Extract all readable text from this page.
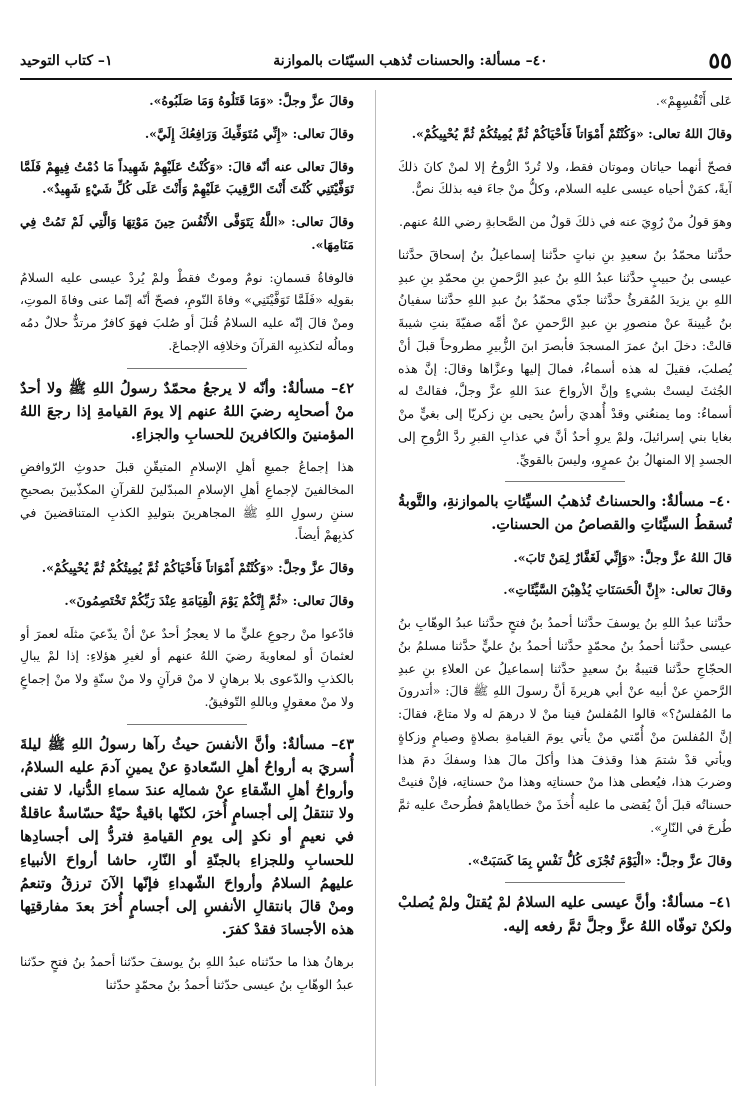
٥٥
٤٠– مسألة: والحسنات تُذهب السيّئات بالموازنة
١– كتاب التوحيد

عَلى أَنْفُسِهِمْ».

وقالَ اللهُ تعالى: «وَكُنْتُمْ أَمْوَاتاً فَأَحْيَاكُمْ ثُمَّ يُمِيتُكُمْ ثُمَّ يُحْيِيكُمْ».

فصحّ أنهما حياتان وموتان فقط، ولا تُردّ الرُّوحُ إلا لمنْ كانَ ذلكَ آيةً، كمَنْ أحياه عيسى عليه السلام، وكلُّ منْ جاءَ فيه بذلكَ نصٌّ.

وهوَ قولُ منْ رُوِيَ عنه في ذلكَ قولٌ من الصَّحابةِ رضي اللهُ عنهم.

حدَّثنا محمّدُ بنُ سعيدِ بنِ نباتٍ حدَّثنا إسماعيلُ بنُ إسحاقَ حدَّثنا عيسى بنُ حبيبٍ حدَّثنا عبدُ اللهِ بنُ عبدِ الرَّحمنِ بنِ محمّدِ بنِ عبدِ اللهِ بنِ يزيدَ المُقرئُ حدَّثنا جدّي محمّدُ بنُ عبدِ اللهِ حدَّثنا سفيانُ بنُ عُيينةَ عنْ منصورِ بنِ عبدِ الرَّحمنِ عنْ أمِّه صفيّةَ بنتِ شيبةَ قالتْ: دخلَ ابنُ عمرَ المسجدَ فأبصرَ ابنَ الزُّبيرِ مطروحاً قبلَ أنْ يُصلبَ، فقيلَ له هذه أسماءُ، فمالَ إليها وعزَّاها وقالَ: إنَّ هذه الجُثثَ ليستْ بشيءٍ وإنَّ الأرواحَ عندَ اللهِ عزَّ وجلَّ، فقالتْ له أسماءُ: وما يمنعُني وقدْ أُهديَ رأسُ يحيى بنِ زكريّا إلى بغيٍّ منْ بغايا بني إسرائيلَ، ولمْ يروِ أحدٌ أنَّ في عذابِ القبرِ ردَّ الرُّوحِ إلى الجسدِ إلا المنهالُ بنُ عمرٍو، وليسَ بالقويِّ.

٤٠– مسألةٌ: والحسناتُ تُذهبُ السيِّئاتِ بالموازنةِ، والتَّوبةُ تُسقطُ السيِّئاتِ والقصاصُ من الحسناتِ.

قالَ اللهُ عزَّ وجلَّ: «وَإِنِّي لَغَفَّارٌ لِمَنْ تَابَ».

وقالَ تعالى: «إِنَّ الْحَسَنَاتِ يُذْهِبْنَ السَّيِّئَاتِ».

حدَّثنا عبدُ اللهِ بنُ يوسفَ حدَّثنا أحمدُ بنُ فتحٍ حدَّثنا عبدُ الوهّابِ بنُ عيسى حدَّثنا أحمدُ بنُ محمّدٍ حدَّثنا أحمدُ بنُ عليٍّ حدَّثنا مسلمُ بنُ الحجّاجِ حدَّثنا قتيبةُ بنُ سعيدٍ حدَّثنا إسماعيلُ عن العلاءِ بنِ عبدِ الرَّحمنِ عنْ أبيه عنْ أبي هريرةَ أنَّ رسولَ اللهِ ﷺ قالَ: «أتدرونَ ما المُفلسُ؟» قالوا المُفلسُ فينا منْ لا درهمَ له ولا متاعَ، فقالَ: إنَّ المُفلسَ منْ أُمّتي منْ يأتي يومَ القيامةِ بصلاةٍ وصيامٍ وزكاةٍ ويأتي قدْ شتمَ هذا وقذفَ هذا وأكلَ مالَ هذا وسفكَ دمَ هذا وضربَ هذا، فيُعطى هذا منْ حسناتِه وهذا منْ حسناتِه، فإنْ فنيتْ حسناتُه قبلَ أنْ يُقضى ما عليه أُخذَ منْ خطاياهمْ فطُرحتْ عليه ثمَّ طُرحَ في النّارِ».

وقالَ عزَّ وجلَّ: «الْيَوْمَ تُجْزَى كُلُّ نَفْسٍ بِمَا كَسَبَتْ».

٤١– مسألةٌ: وأنَّ عيسى عليه السلامُ لمْ يُقتلْ ولمْ يُصلبْ ولكنْ توفّاه اللهُ عزَّ وجلَّ ثمَّ رفعه إليه.

وقالَ عزَّ وجلَّ: «وَمَا قَتَلُوهُ وَمَا صَلَبُوهُ».

وقالَ تعالى: «إِنِّي مُتَوَفِّيكَ وَرَافِعُكَ إِلَيَّ».

وقالَ تعالى عنه أنّه قالَ: «وَكُنْتُ عَلَيْهِمْ شَهِيداً مَا دُمْتُ فِيهِمْ فَلَمَّا تَوَفَّيْتَنِي كُنْتَ أَنْتَ الرَّقِيبَ عَلَيْهِمْ وَأَنْتَ عَلَى كُلِّ شَيْءٍ شَهِيدٌ».

وقالَ تعالى: «اللَّهُ يَتَوَفَّى الأَنْفُسَ حِينَ مَوْتِهَا وَالَّتِي لَمْ تَمُتْ فِي مَنَامِهَا».

فالوفاةُ قسمانِ: نومٌ وموتٌ فقطْ ولمْ يُردْ عيسى عليه السلامُ بقولِه «فَلَمَّا تَوَفَّيْتَنِي» وفاةَ النّومِ، فصحّ أنّه إنّما عنى وفاةَ الموتِ، ومنْ قالَ إنّه عليه السلامُ قُتلَ أو صُلبَ فهوَ كافرٌ مرتدٌّ حلالٌ دمُه ومالُه لتكذيبِه القرآنَ وخلافِه الإجماعَ.

٤٢– مسألةٌ: وأنّه لا يرجعُ محمّدٌ رسولُ اللهِ ﷺ ولا أحدٌ منْ أصحابِه رضيَ اللهُ عنهم إلا يومَ القيامةِ إذا رجعَ اللهُ المؤمنينَ والكافرينَ للحسابِ والجزاءِ.

هذا إجماعُ جميعِ أهلِ الإسلامِ المتيقّنِ قبلَ حدوثِ الرّوافضِ المخالفينَ لإجماعِ أهلِ الإسلامِ المبدّلينَ للقرآنِ المكذّبينَ بصحيحِ سننِ رسولِ اللهِ ﷺ المجاهرينَ بتوليدِ الكذبِ المتناقضينَ في كذبِهمْ أيضاً.

وقالَ عزَّ وجلَّ: «وَكُنْتُمْ أَمْوَاتاً فَأَحْيَاكُمْ ثُمَّ يُمِيتُكُمْ ثُمَّ يُحْيِيكُمْ».

وقالَ تعالى: «ثُمَّ إِنَّكُمْ يَوْمَ الْقِيَامَةِ عِنْدَ رَبِّكُمْ تَخْتَصِمُونَ».

فادّعوا منْ رجوعِ عليٍّ ما لا يعجزُ أحدٌ عنْ أنْ يدّعيَ مثلَه لعمرَ أو لعثمانَ أو لمعاويةَ رضيَ اللهُ عنهم أو لغيرِ هؤلاءِ: إذا لمْ يبالِ بالكذبِ والدّعوى بلا برهانٍ لا منْ قرآنٍ ولا منْ سنّةٍ ولا منْ إجماعٍ ولا منْ معقولٍ وباللهِ التّوفيقُ.

٤٣– مسألةٌ: وأنَّ الأنفسَ حيثُ رآها رسولُ اللهِ ﷺ ليلةَ أُسريَ به أرواحُ أهلِ السّعادةِ عنْ يمينِ آدمَ عليه السلامُ، وأرواحُ أهلِ الشّقاءِ عنْ شمالِه عندَ سماءِ الدُّنيا، لا تفنى ولا تنتقلُ إلى أجسامٍ أُخرَ، لكنّها باقيةٌ حيّةٌ حسّاسةٌ عاقلةٌ في نعيمٍ أو نكدٍ إلى يومِ القيامةِ فتردُّ إلى أجسادِها للحسابِ وللجزاءِ بالجنّةِ أو النّارِ، حاشا أرواحَ الأنبياءِ عليهمُ السلامُ وأرواحَ الشّهداءِ فإنّها الآنَ ترزقُ وتنعمُ ومنْ قالَ بانتقالِ الأنفسِ إلى أجسامٍ أُخرَ بعدَ مفارقتِها هذه الأجسادَ فقدْ كفرَ.

برهانُ هذا ما حدّثناه عبدُ اللهِ بنُ يوسفَ حدّثنا أحمدُ بنُ فتحٍ حدّثنا عبدُ الوهّابِ بنُ عيسى حدّثنا أحمدُ بنُ محمّدٍ حدّثنا
